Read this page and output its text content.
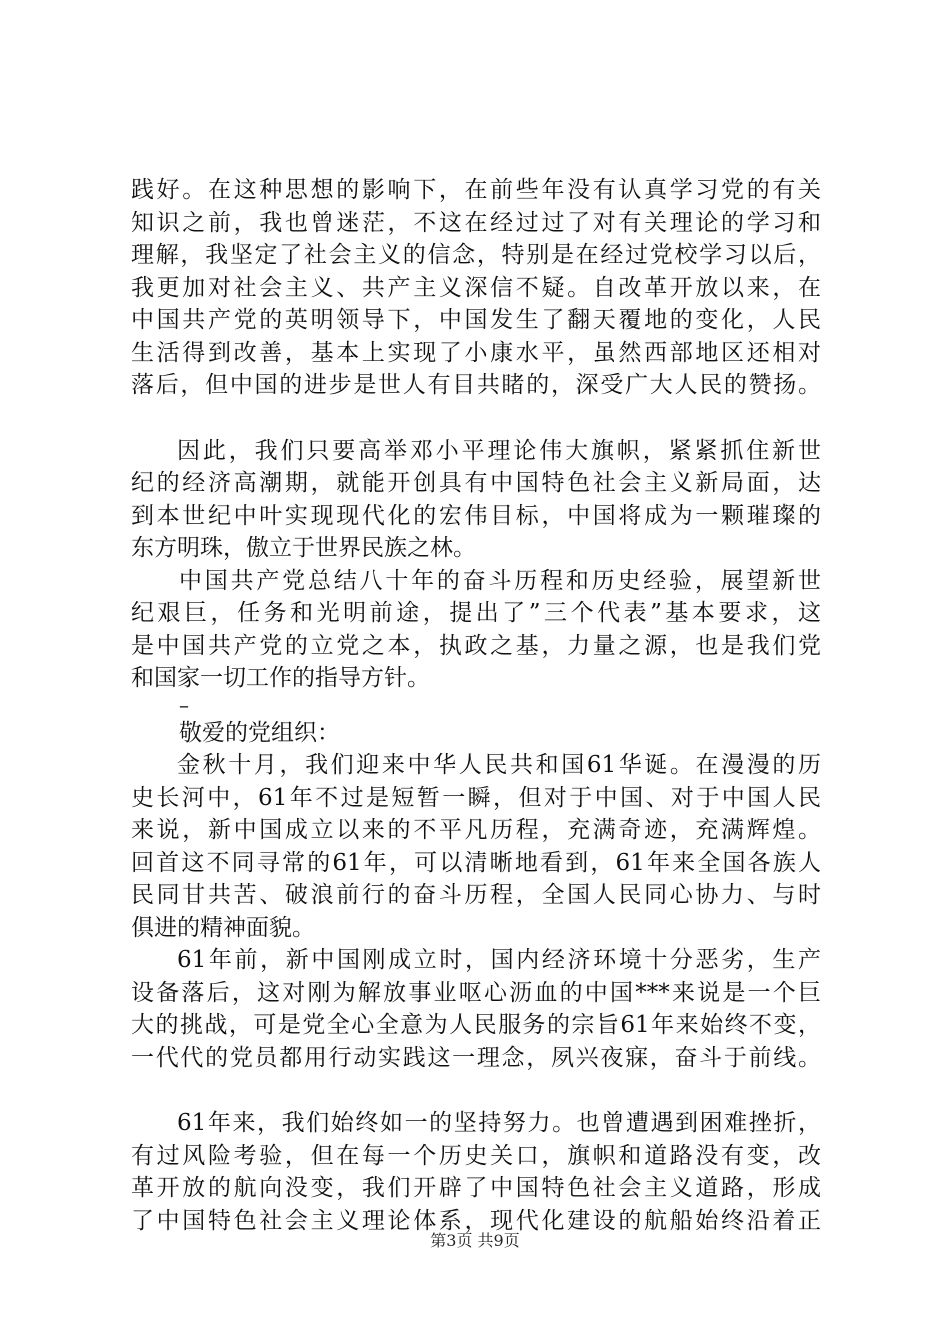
践好。在这种思想的影响下，在前些年没有认真学习党的有关
知识之前，我也曾迷茫，不这在经过过了对有关理论的学习和
理解，我坚定了社会主义的信念，特别是在经过党校学习以后，
我更加对社会主义、共产主义深信不疑。自改革开放以来，在
中国共产党的英明领导下，中国发生了翻天覆地的变化，人民
生活得到改善，基本上实现了小康水平，虽然西部地区还相对
落后，但中国的进步是世人有目共睹的，深受广大人民的赞扬。
因此，我们只要高举邓小平理论伟大旗帜，紧紧抓住新世
纪的经济高潮期，就能开创具有中国特色社会主义新局面，达
到本世纪中叶实现现代化的宏伟目标，中国将成为一颗璀璨的
东方明珠，傲立于世界民族之林。
中国共产党总结八十年的奋斗历程和历史经验，展望新世
纪艰巨，任务和光明前途，提出了”三个代表”基本要求，这
是中国共产党的立党之本，执政之基，力量之源，也是我们党
和国家一切工作的指导方针。
–
敬爱的党组织：
金秋十月，我们迎来中华人民共和国61华诞。在漫漫的历
史长河中，61年不过是短暂一瞬，但对于中国、对于中国人民
来说，新中国成立以来的不平凡历程，充满奇迹，充满辉煌。
回首这不同寻常的61年，可以清晰地看到，61年来全国各族人
民同甘共苦、破浪前行的奋斗历程，全国人民同心协力、与时
俱进的精神面貌。
61年前，新中国刚成立时，国内经济环境十分恶劣，生产
设备落后，这对刚为解放事业呕心沥血的中国***来说是一个巨
大的挑战，可是党全心全意为人民服务的宗旨61年来始终不变，
一代代的党员都用行动实践这一理念，夙兴夜寐，奋斗于前线。
61年来，我们始终如一的坚持努力。也曾遭遇到困难挫折，
有过风险考验，但在每一个历史关口，旗帜和道路没有变，改
革开放的航向没变，我们开辟了中国特色社会主义道路，形成
了中国特色社会主义理论体系，现代化建设的航船始终沿着正
第3页 共9页
